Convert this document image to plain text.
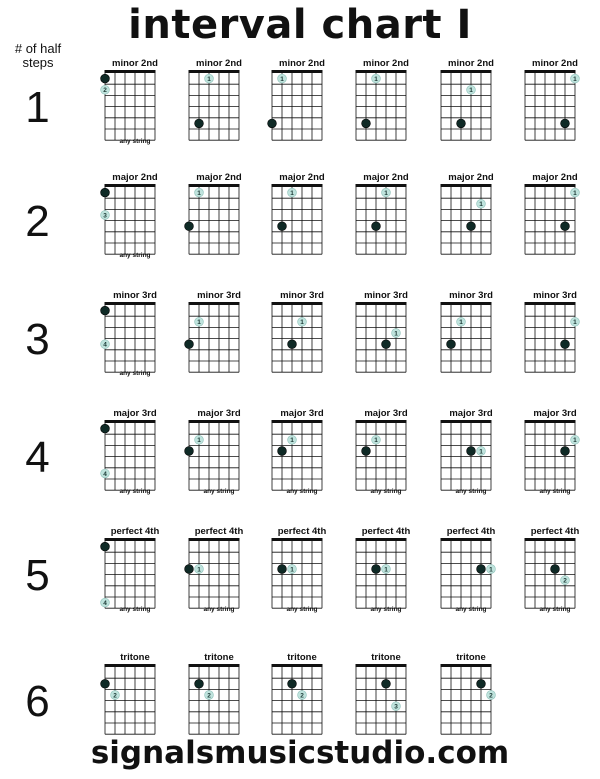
interval chart I
# of half steps
1
minor 2nd
2
any string
minor 2nd
1
minor 2nd
1
minor 2nd
1
minor 2nd
1
minor 2nd
1
2
major 2nd
3
any string
major 2nd
1
major 2nd
1
major 2nd
1
major 2nd
1
major 2nd
1
3
minor 3rd
4
any string
minor 3rd
1
minor 3rd
1
minor 3rd
1
minor 3rd
1
minor 3rd
1
4
major 3rd
4
any string
major 3rd
1
any string
major 3rd
1
any string
major 3rd
1
any string
major 3rd
1
any string
major 3rd
1
any string
5
perfect 4th
4
any string
perfect 4th
1
any string
perfect 4th
1
any string
perfect 4th
1
any string
perfect 4th
1
any string
perfect 4th
2
any string
6
tritone
2
tritone
2
tritone
2
tritone
3
tritone
2
signalsmusicstudio.com
